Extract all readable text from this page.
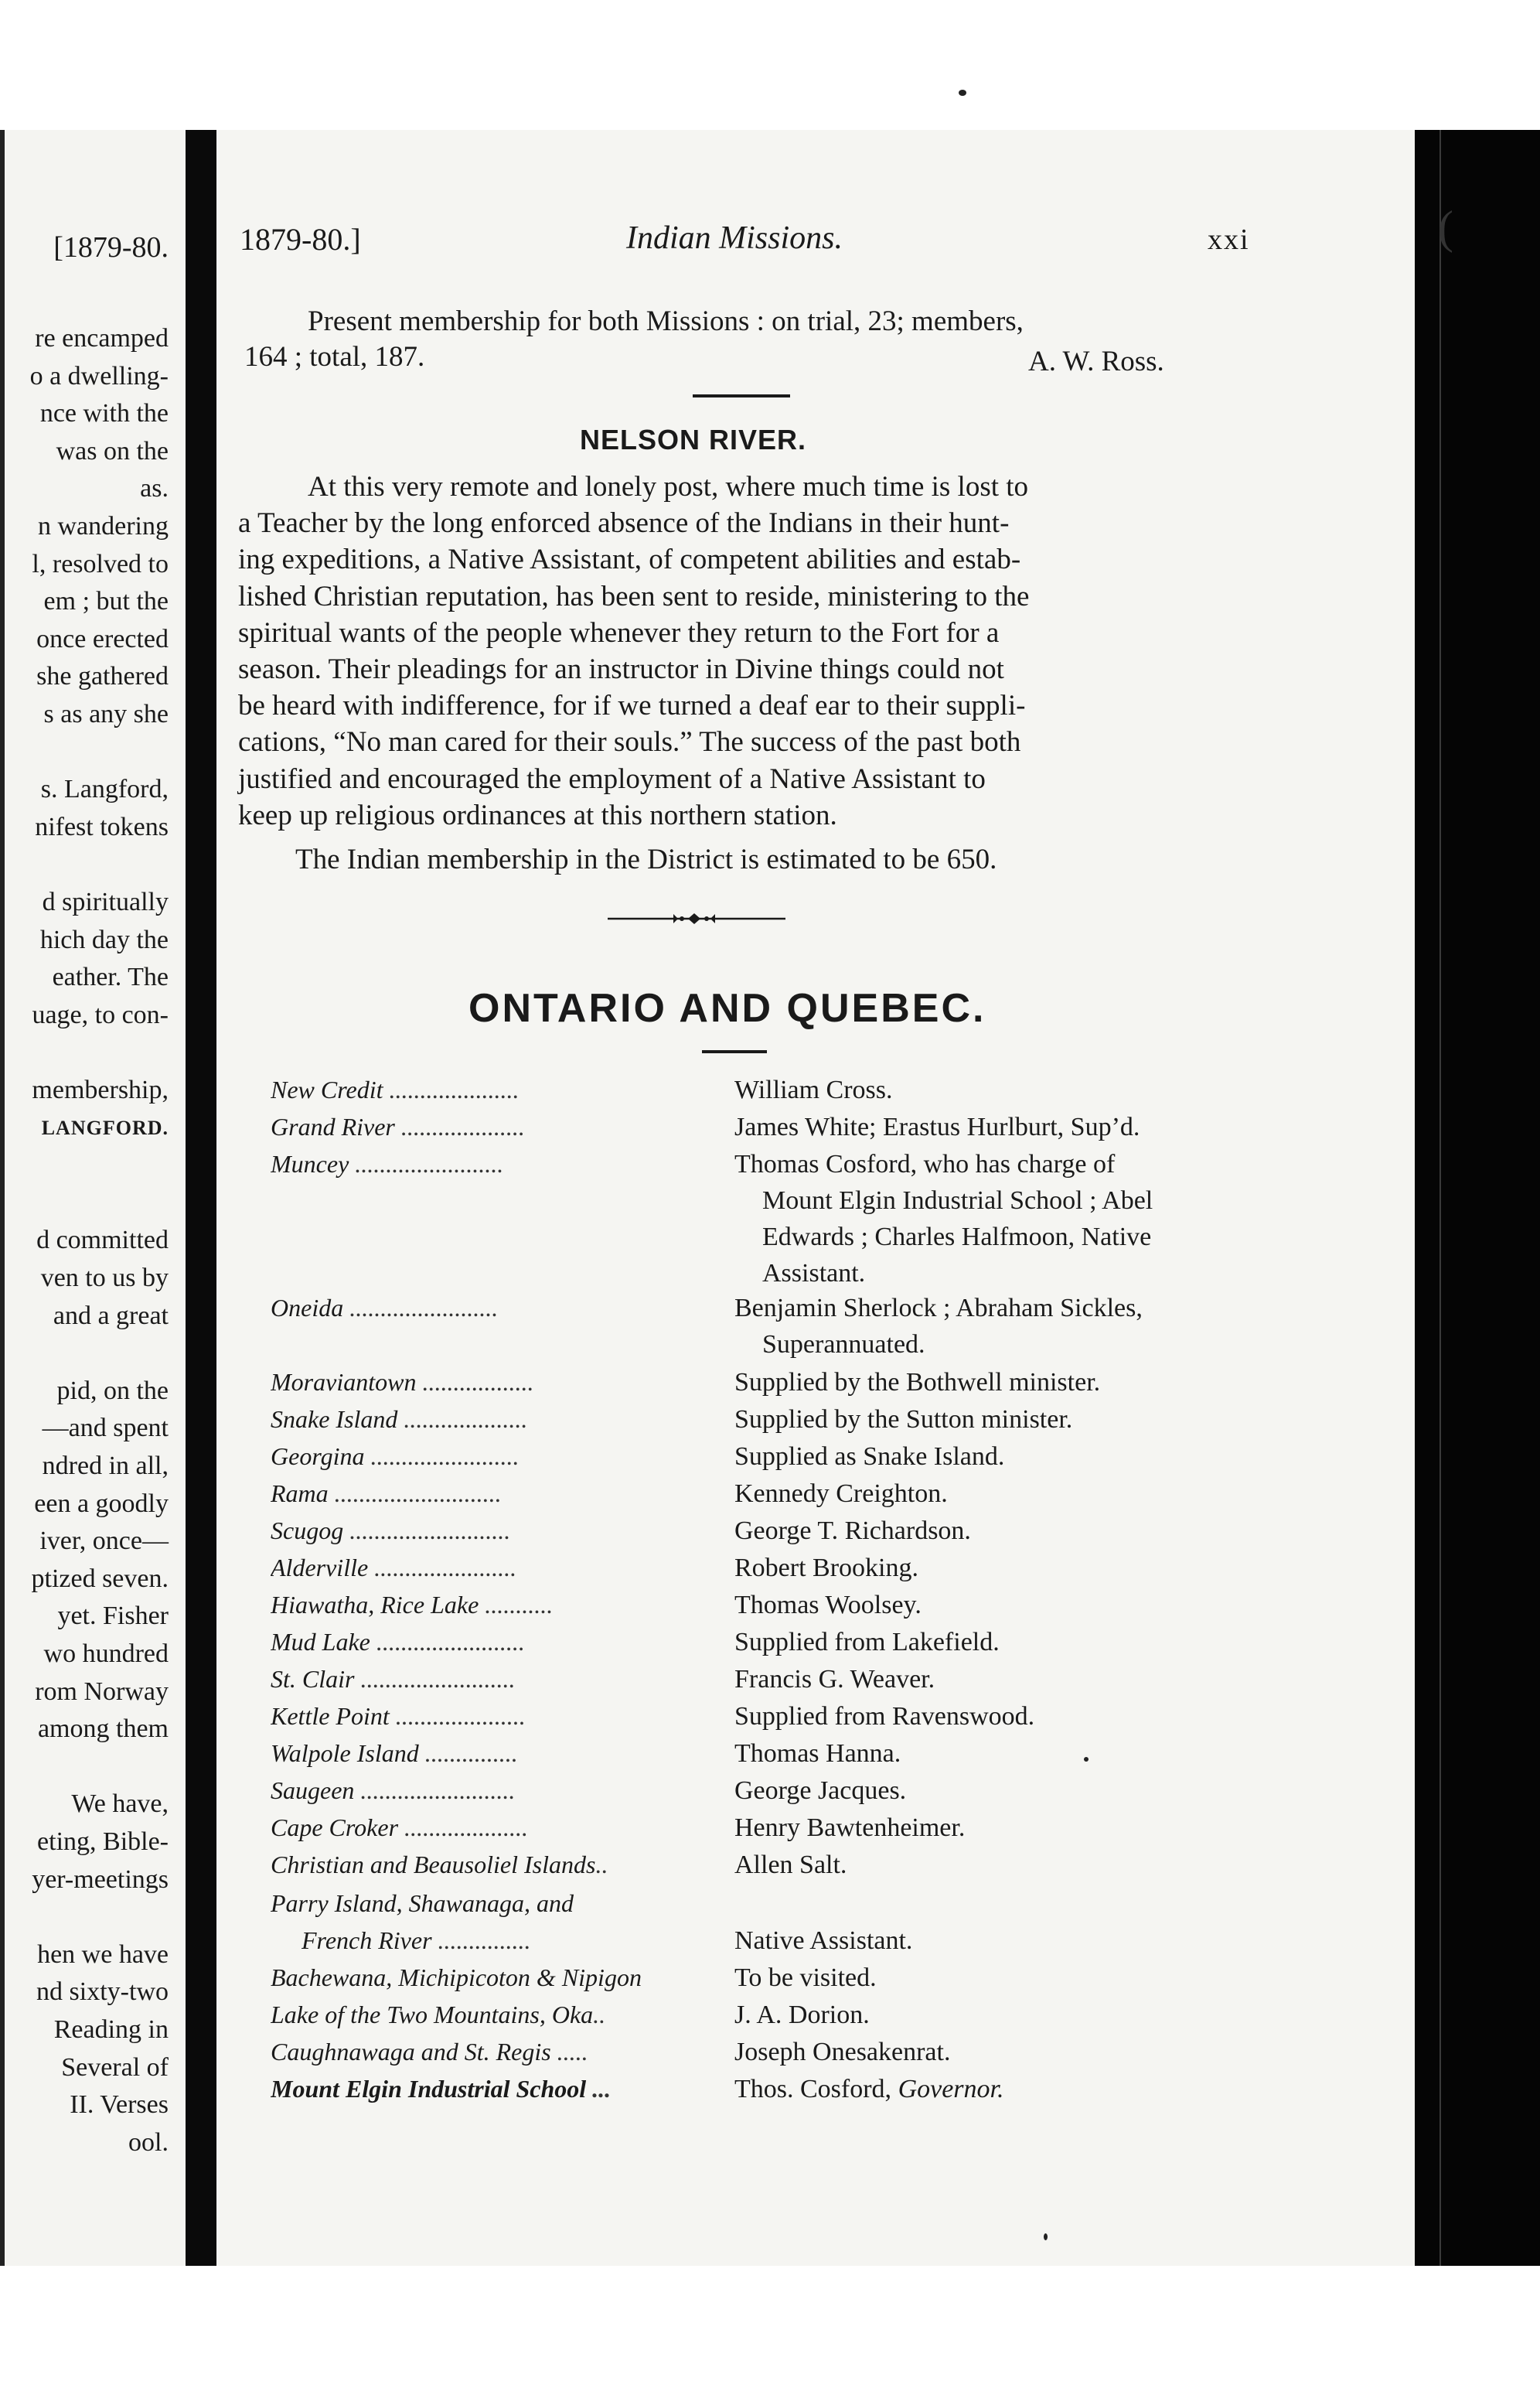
[1879-80.
re encamped
o a dwelling-
nce with the
was on the
as.
n wandering
l, resolved to
em ; but the
once erected
she gathered
s as any she
s. Langford,
nifest tokens
d spiritually
hich day the
eather. The
uage, to con-
membership,
LANGFORD.
d committed
ven to us by
and a great
pid, on the
—and spent
ndred in all,
een a goodly
iver, once—
ptized seven.
yet. Fisher
wo hundred
rom Norway
among them
We have,
eting, Bible-
yer-meetings
hen we have
nd sixty-two
Reading in
Several of
II. Verses
ool.
1879-80.]	Indian Missions.	xxi
Present membership for both Missions : on trial, 23; members,
164 ; total, 187.	A. W. Ross.
NELSON RIVER.
At this very remote and lonely post, where much time is lost to
a Teacher by the long enforced absence of the Indians in their hunt-
ing expeditions, a Native Assistant, of competent abilities and estab-
lished Christian reputation, has been sent to reside, ministering to the
spiritual wants of the people whenever they return to the Fort for a
season. Their pleadings for an instructor in Divine things could not
be heard with indifference, for if we turned a deaf ear to their suppli-
cations, “No man cared for their souls.” The success of the past both
justified and encouraged the employment of a Native Assistant to
keep up religious ordinances at this northern station.
The Indian membership in the District is estimated to be 650.
ONTARIO AND QUEBEC.
New Credit .....................	William Cross.
Grand River ....................	James White; Erastus Hurlburt, Sup’d.
Muncey ........................	Thomas Cosford, who has charge of
Mount Elgin Industrial School ; Abel
Edwards ; Charles Halfmoon, Native
Assistant.
Oneida ........................	Benjamin Sherlock ; Abraham Sickles,
Superannuated.
Moraviantown ..................	Supplied by the Bothwell minister.
Snake Island ....................	Supplied by the Sutton minister.
Georgina ........................	Supplied as Snake Island.
Rama ...........................	Kennedy Creighton.
Scugog ..........................	George T. Richardson.
Alderville .......................	Robert Brooking.
Hiawatha, Rice Lake ...........	Thomas Woolsey.
Mud Lake ........................	Supplied from Lakefield.
St. Clair .........................	Francis G. Weaver.
Kettle Point .....................	Supplied from Ravenswood.
Walpole Island ...............	Thomas Hanna.
Saugeen .........................	George Jacques.
Cape Croker ....................	Henry Bawtenheimer.
Christian and Beausoliel Islands..	Allen Salt.
Parry Island, Shawanaga, and
French River ...............	Native Assistant.
Bachewana, Michipicoton & Nipigon	To be visited.
Lake of the Two Mountains, Oka..	J. A. Dorion.
Caughnawaga and St. Regis .....	Joseph Onesakenrat.
Mount Elgin Industrial School ...	Thos. Cosford, Governor.
(
